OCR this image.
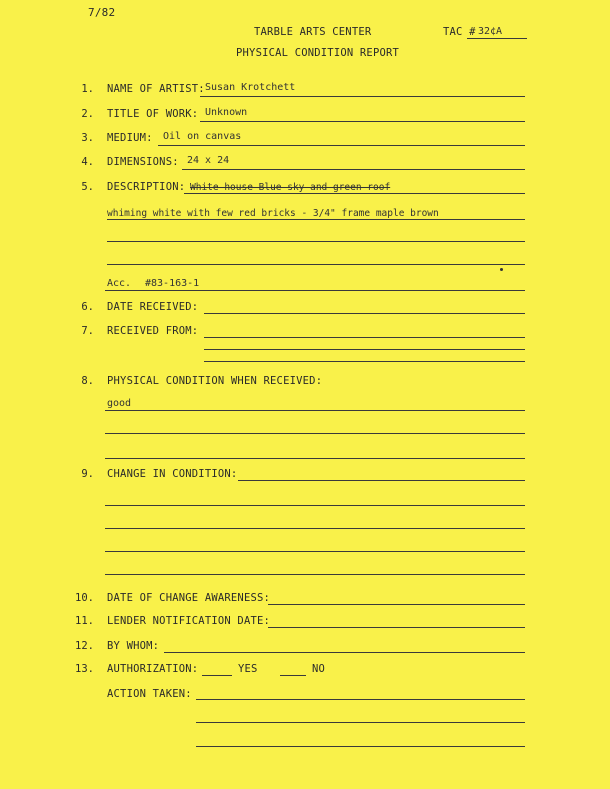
7/82
TARBLE ARTS CENTER	TAC # 32¢A
PHYSICAL CONDITION REPORT
1. NAME OF ARTIST: Susan Krotchett
2. TITLE OF WORK: Unknown
3. MEDIUM: Oil on canvas
4. DIMENSIONS: 24 x 24
5. DESCRIPTION: White house Blue sky and green roof
whiming white with few red bricks - 3/4" frame maple brown
Acc. #83-163-1
6. DATE RECEIVED:
7. RECEIVED FROM:
8. PHYSICAL CONDITION WHEN RECEIVED:
good
9. CHANGE IN CONDITION:
10. DATE OF CHANGE AWARENESS:
11. LENDER NOTIFICATION DATE:
12. BY WHOM:
13. AUTHORIZATION:	YES	NO
ACTION TAKEN:
